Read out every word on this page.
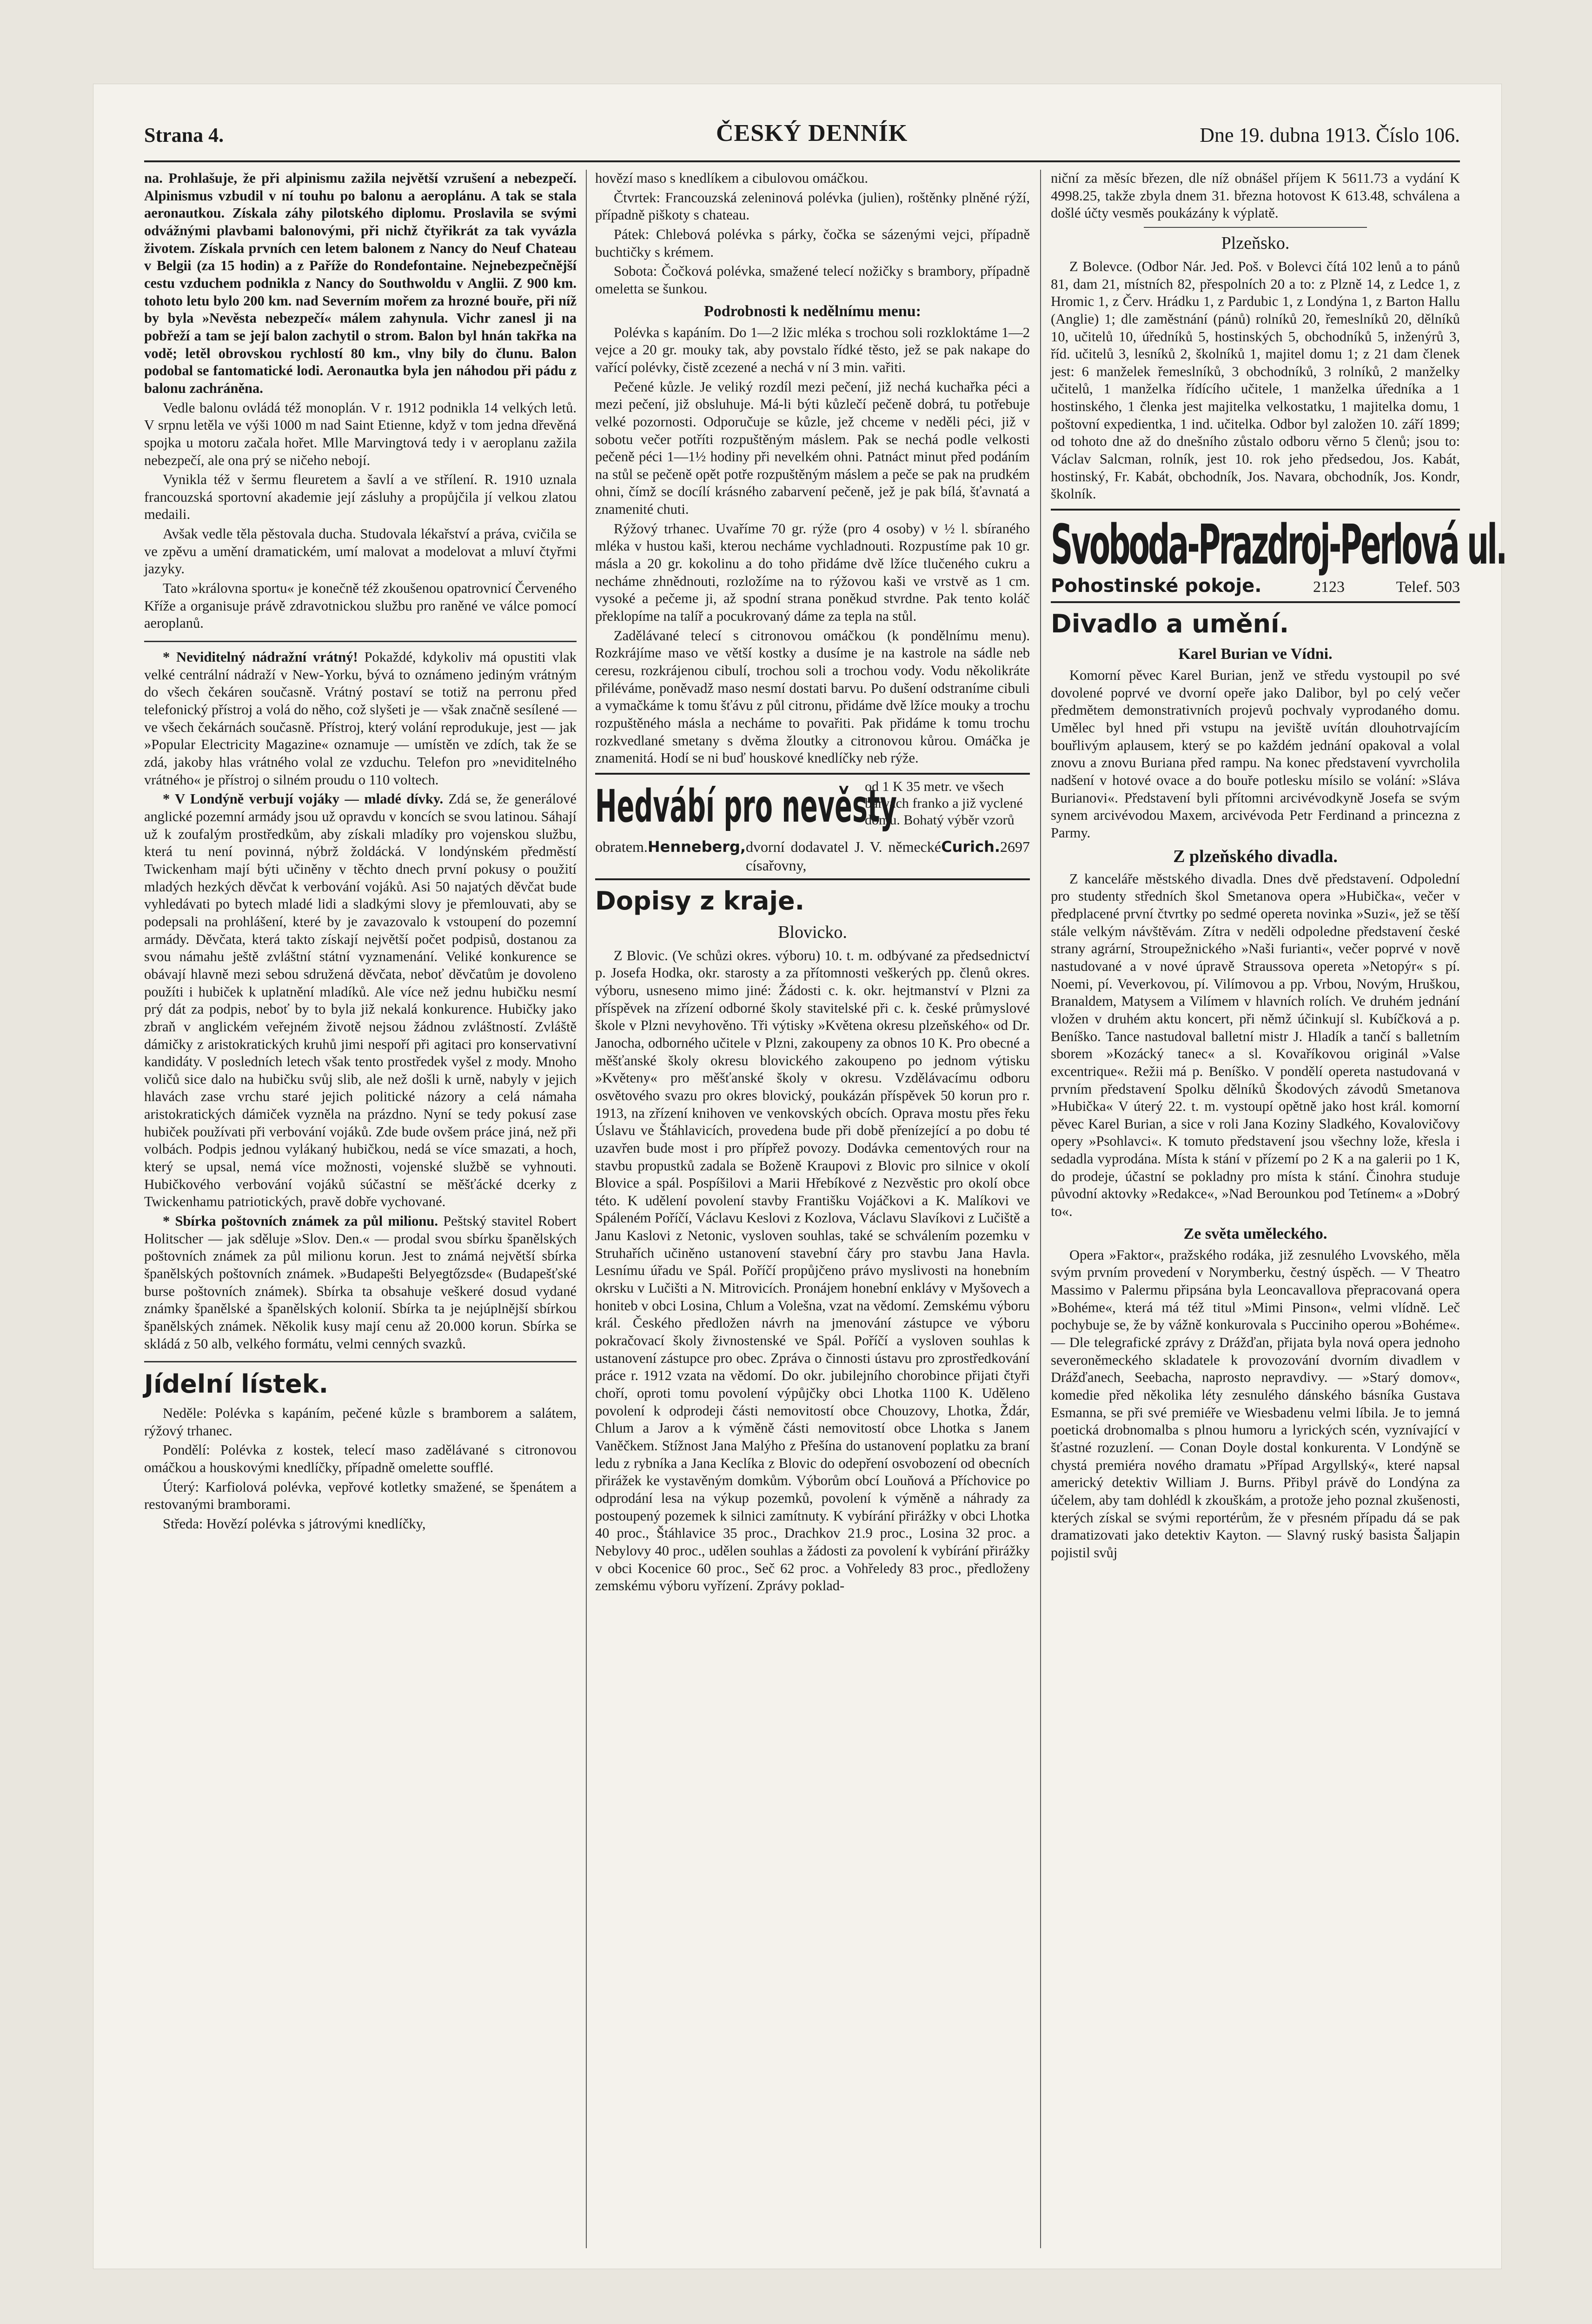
Strana 4.	ČESKÝ DENNÍK	Dne 19. dubna 1913. Číslo 106.

na. Prohlašuje, že při alpinismu zažila největší vzrušení a nebezpečí. Alpinismus vzbudil v ní touhu po balonu a aeroplánu. A tak se stala aeronautkou. Získala záhy pilotského diplomu. Proslavila se svými odvážnými plavbami balonovými, při nichž čtyřikrát za tak vyvázla životem. Získala prvních cen letem balonem z Nancy do Neuf Chateau v Belgii (za 15 hodin) a z Paříže do Rondefontaine. Nejnebezpečnější cestu vzduchem podnikla z Nancy do Southwoldu v Anglii. Z 900 km. tohoto letu bylo 200 km. nad Severním mořem za hrozné bouře, při níž by byla »Nevěsta nebezpečí« málem zahynula. Vichr zanesl ji na pobřeží a tam se její balon zachytil o strom. Balon byl hnán takřka na vodě; letěl obrovskou rychlostí 80 km., vlny bily do člunu. Balon podobal se fantomatické lodi. Aeronautka byla jen náhodou při pádu z balonu zachráněna.

Vedle balonu ovládá též monoplán. V r. 1912 podnikla 14 velkých letů. V srpnu letěla ve výši 1000 m nad Saint Etienne, když v tom jedna dřevěná spojka u motoru začala hořet. Mlle Marvingtová tedy i v aeroplanu zažila nebezpečí, ale ona prý se ničeho nebojí.

Vynikla též v šermu fleuretem a šavlí a ve střílení. R. 1910 uznala francouzská sportovní akademie její zásluhy a propůjčila jí velkou zlatou medaili.

Avšak vedle těla pěstovala ducha. Studovala lékařství a práva, cvičila se ve zpěvu a umění dramatickém, umí malovat a modelovat a mluví čtyřmi jazyky.

Tato »královna sportu« je konečně též zkoušenou opatrovnicí Červeného Kříže a organisuje právě zdravotnickou službu pro raněné ve válce pomocí aeroplanů.

* Neviditelný nádražní vrátný! Pokaždé, kdykoliv má opustiti vlak velké centrální nádraží v New-Yorku, bývá to oznámeno jediným vrátným do všech čekáren současně. Vrátný postaví se totiž na perronu před telefonický přístroj a volá do něho, což slyšeti je — však značně sesílené — ve všech čekárnách současně. Přístroj, který volání reprodukuje, jest — jak »Popular Electricity Magazine« oznamuje — umístěn ve zdích, tak že se zdá, jakoby hlas vrátného volal ze vzduchu. Telefon pro »neviditelného vrátného« je přístroj o silném proudu o 110 voltech.

* V Londýně verbují vojáky — mladé dívky. Zdá se, že generálové anglické pozemní armády jsou už opravdu v koncích se svou latinou. Sáhají už k zoufalým prostředkům, aby získali mladíky pro vojenskou službu, která tu není povinná, nýbrž žoldácká. V londýnském předměstí Twickenham mají býti učiněny v těchto dnech první pokusy o použití mladých hezkých děvčat k verbování vojáků. Asi 50 najatých děvčat bude vyhledávati po bytech mladé lidi a sladkými slovy je přemlouvati, aby se podepsali na prohlášení, které by je zavazovalo k vstoupení do pozemní armády. Děvčata, která takto získají největší počet podpisů, dostanou za svou námahu ještě zvláštní státní vyznamenání. Veliké konkurence se obávají hlavně mezi sebou sdružená děvčata, neboť děvčatům je dovoleno použíti i hubiček k uplatnění mladíků. Ale více než jednu hubičku nesmí prý dát za podpis, neboť by to byla již nekalá konkurence. Hubičky jako zbraň v anglickém veřejném životě nejsou žádnou zvláštností. Zvláště dámičky z aristokratických kruhů jimi nespoří při agitaci pro konservativní kandidáty. V posledních letech však tento prostředek vyšel z mody. Mnoho voličů sice dalo na hubičku svůj slib, ale než došli k urně, nabyly v jejich hlavách zase vrchu staré jejich politické názory a celá námaha aristokratických dámiček vyzněla na prázdno. Nyní se tedy pokusí zase hubiček používati při verbování vojáků. Zde bude ovšem práce jiná, než při volbách. Podpis jednou vylákaný hubičkou, nedá se více smazati, a hoch, který se upsal, nemá více možnosti, vojenské službě se vyhnouti. Hubičkového verbování vojáků súčastní se měšťácké dcerky z Twickenhamu patriotických, pravě dobře vychované.

* Sbírka poštovních známek za půl milionu. Peštský stavitel Robert Holitscher — jak sděluje »Slov. Den.« — prodal svou sbírku španělských poštovních známek za půl milionu korun. Jest to známá největší sbírka španělských poštovních známek. »Budapešti Belyegtőzsde« (Budapešťské burse poštovních známek). Sbírka ta obsahuje veškeré dosud vydané známky španělské a španělských kolonií. Sbírka ta je nejúplnější sbírkou španělských známek. Několik kusy mají cenu až 20.000 korun. Sbírka se skládá z 50 alb, velkého formátu, velmi cenných svazků.

Jídelní lístek.

Neděle: Polévka s kapáním, pečené kůzle s bramborem a salátem, rýžový trhanec.

Pondělí: Polévka z kostek, telecí maso zadělávané s citronovou omáčkou a houskovými knedlíčky, případně omelette soufflé.

Úterý: Karfiolová polévka, vepřové kotletky smažené, se špenátem a restovanými bramborami.

Středa: Hovězí polévka s játrovými knedlíčky,

hovězí maso s knedlíkem a cibulovou omáčkou.

Čtvrtek: Francouzská zeleninová polévka (julien), roštěnky plněné rýží, případně piškoty s chateau.

Pátek: Chlebová polévka s párky, čočka se sázenými vejci, případně buchtičky s krémem.

Sobota: Čočková polévka, smažené telecí nožičky s brambory, případně omeletta se šunkou.

Podrobnosti k nedělnímu menu:

Polévka s kapáním. Do 1—2 lžic mléka s trochou soli rozkloktáme 1—2 vejce a 20 gr. mouky tak, aby povstalo řídké těsto, jež se pak nakape do vařící polévky, čistě zcezené a nechá v ní 3 min. vařiti.

Pečené kůzle. Je veliký rozdíl mezi pečení, již nechá kuchařka péci a mezi pečení, již obsluhuje. Má-li býti kůzlečí pečeně dobrá, tu potřebuje velké pozornosti. Odporučuje se kůzle, jež chceme v neděli péci, již v sobotu večer potříti rozpuštěným máslem. Pak se nechá podle velkosti pečeně péci 1—1½ hodiny při nevelkém ohni. Patnáct minut před podáním na stůl se pečeně opět potře rozpuštěným máslem a peče se pak na prudkém ohni, čímž se docílí krásného zabarvení pečeně, jež je pak bílá, šťavnatá a znamenité chuti.

Rýžový trhanec. Uvaříme 70 gr. rýže (pro 4 osoby) v ½ l. sbíraného mléka v hustou kaši, kterou necháme vychladnouti. Rozpustíme pak 10 gr. másla a 20 gr. kokolinu a do toho přidáme dvě lžíce tlučeného cukru a necháme zhnědnouti, rozložíme na to rýžovou kaši ve vrstvě as 1 cm. vysoké a pečeme ji, až spodní strana poněkud stvrdne. Pak tento koláč překlopíme na talíř a pocukrovaný dáme za tepla na stůl.

Zadělávané telecí s citronovou omáčkou (k pondělnímu menu). Rozkrájíme maso ve větší kostky a dusíme je na kastrole na sádle neb ceresu, rozkrájenou cibulí, trochou soli a trochou vody. Vodu několikráte přiléváme, poněvadž maso nesmí dostati barvu. Po dušení odstraníme cibuli a vymačkáme k tomu šťávu z půl citronu, přidáme dvě lžíce mouky a trochu rozpuštěného másla a necháme to povařiti. Pak přidáme k tomu trochu rozkvedlané smetany s dvěma žloutky a citronovou kůrou. Omáčka je znamenitá. Hodí se ni buď houskové knedlíčky neb rýže.

Hedvábí pro nevěsty
od 1 K 35 metr. ve všech barvách franko a již vyclené domu. Bohatý výběr vzorů
obratem. Henneberg, dvorní dodavatel J. V. německé císařovny,
Curich. 2697
Dopisy z kraje.
Blovicko.

Z Blovic. (Ve schůzi okres. výboru) 10. t. m. odbývané za předsednictví p. Josefa Hodka, okr. starosty a za přítomnosti veškerých pp. členů okres. výboru, usneseno mimo jiné: Žádosti c. k. okr. hejtmanství v Plzni za příspěvek na zřízení odborné školy stavitelské při c. k. české průmyslové škole v Plzni nevyhověno. Tři výtisky »Květena okresu plzeňského« od Dr. Janocha, odborného učitele v Plzni, zakoupeny za obnos 10 K. Pro obecné a měšťanské školy okresu blovického zakoupeno po jednom výtisku »Květeny« pro měšťanské školy v okresu. Vzdělávacímu odboru osvětového svazu pro okres blovický, poukázán příspěvek 50 korun pro r. 1913, na zřízení knihoven ve venkovských obcích. Oprava mostu přes řeku Úslavu ve Štáhlavicích, provedena bude při době přenízející a po dobu té uzavřen bude most i pro přípřež povozy. Dodávka cementových rour na stavbu propustků zadala se Boženě Kraupovi z Blovic pro silnice v okolí Blovice a spál. Pospíšilovi a Marii Hřebíkové z Nezvěstic pro okolí obce této. K udělení povolení stavby Františku Vojáčkovi a K. Malíkovi ve Spáleném Poříčí, Václavu Keslovi z Kozlova, Václavu Slavíkovi z Lučiště a Janu Kaslovi z Netonic, vysloven souhlas, také se schválením pozemku v Struhařích učiněno ustanovení stavební čáry pro stavbu Jana Havla. Lesnímu úřadu ve Spál. Poříčí propůjčeno právo myslivosti na honebním okrsku v Lučišti a N. Mitrovicích. Pronájem honební enklávy v Myšovech a honiteb v obci Losina, Chlum a Volešna, vzat na vědomí. Zemskému výboru král. Českého předložen návrh na jmenování zástupce ve výboru pokračovací školy živnostenské ve Spál. Poříčí a vysloven souhlas k ustanovení zástupce pro obec. Zpráva o činnosti ústavu pro zprostředkování práce r. 1912 vzata na vědomí. Do okr. jubilejního chorobince přijati čtyři choří, oproti tomu povolení výpůjčky obci Lhotka 1100 K. Uděleno povolení k odprodeji části nemovitostí obce Chouzovy, Lhotka, Ždár, Chlum a Jarov a k výměně části nemovitostí obce Lhotka s Janem Vaněčkem. Stížnost Jana Malýho z Přešína do ustanovení poplatku za braní ledu z rybníka a Jana Keclíka z Blovic do odepření osvobození od obecních přirážek ke vystavěným domkům. Výborům obcí Louňová a Příchovice po odprodání lesa na výkup pozemků, povolení k výměně a náhrady za postoupený pozemek k silnici zamítnuty. K vybírání přirážky v obci Lhotka 40 proc., Štáhlavice 35 proc., Drachkov 21.9 proc., Losina 32 proc. a Nebylovy 40 proc., udělen souhlas a žádosti za povolení k vybírání přirážky v obci Kocenice 60 proc., Seč 62 proc. a Vohřeledy 83 proc., předloženy zemskému výboru vyřízení. Zprávy poklad-

niční za měsíc březen, dle níž obnášel příjem K 5611.73 a vydání K 4998.25, takže zbyla dnem 31. března hotovost K 613.48, schválena a došlé účty vesměs poukázány k výplatě.

Plzeňsko.

Z Bolevce. (Odbor Nár. Jed. Poš. v Bolevci čítá 102 lenů a to pánů 81, dam 21, místních 82, přespolních 20 a to: z Plzně 14, z Ledce 1, z Hromic 1, z Červ. Hrádku 1, z Pardubic 1, z Londýna 1, z Barton Hallu (Anglie) 1; dle zaměstnání (pánů) rolníků 20, řemeslníků 20, dělníků 10, učitelů 10, úředníků 5, hostinských 5, obchodníků 5, inženýrů 3, říd. učitelů 3, lesníků 2, školníků 1, majitel domu 1; z 21 dam členek jest: 6 manželek řemeslníků, 3 obchodníků, 3 rolníků, 2 manželky učitelů, 1 manželka řídícího učitele, 1 manželka úředníka a 1 hostinského, 1 členka jest majitelka velkostatku, 1 majitelka domu, 1 poštovní expedientka, 1 ind. učitelka. Odbor byl založen 10. září 1899; od tohoto dne až do dnešního zůstalo odboru věrno 5 členů; jsou to: Václav Salcman, rolník, jest 10. rok jeho předsedou, Jos. Kabát, hostinský, Fr. Kabát, obchodník, Jos. Navara, obchodník, Jos. Kondr, školník.

Svoboda-Prazdroj-Perlová ul.
Pohostinské pokoje.	2123	Telef. 503
Divadlo a umění.
Karel Burian ve Vídni.

Komorní pěvec Karel Burian, jenž ve středu vystoupil po své dovolené poprvé ve dvorní opeře jako Dalibor, byl po celý večer předmětem demonstrativních projevů pochvaly vyprodaného domu. Umělec byl hned při vstupu na jeviště uvítán dlouhotrvajícím bouřlivým aplausem, který se po každém jednání opakoval a volal znovu a znovu Buriana před rampu. Na konec představení vyvrcholila nadšení v hotové ovace a do bouře potlesku mísilo se volání: »Sláva Burianovi«. Představení byli přítomni arcivévodkyně Josefa se svým synem arcivévodou Maxem, arcivévoda Petr Ferdinand a princezna z Parmy.

Z plzeňského divadla.

Z kanceláře městského divadla. Dnes dvě představení. Odpolední pro studenty středních škol Smetanova opera »Hubička«, večer v předplacené první čtvrtky po sedmé opereta novinka »Suzi«, jež se těší stále velkým návštěvám. Zítra v neděli odpoledne představení české strany agrární, Stroupežnického »Naši furianti«, večer poprvé v nově nastudované a v nové úpravě Straussova opereta »Netopýr« s pí. Noemi, pí. Veverkovou, pí. Vilímovou a pp. Vrbou, Novým, Hruškou, Branaldem, Matysem a Vilímem v hlavních rolích. Ve druhém jednání vložen v druhém aktu koncert, při němž účinkují sl. Kubíčková a p. Beníško. Tance nastudoval balletní mistr J. Hladík a tančí s balletním sborem »Kozácký tanec« a sl. Kovaříkovou originál »Valse excentrique«. Režii má p. Beníško. V pondělí opereta nastudovaná v prvním představení Spolku dělníků Škodových závodů Smetanova »Hubička« V úterý 22. t. m. vystoupí opětně jako host král. komorní pěvec Karel Burian, a sice v roli Jana Koziny Sladkého, Kovalovičovy opery »Psohlavci«. K tomuto představení jsou všechny lože, křesla i sedadla vyprodána. Místa k stání v přízemí po 2 K a na galerii po 1 K, do prodeje, účastní se pokladny pro místa k stání. Činohra studuje původní aktovky »Redakce«, »Nad Berounkou pod Tetínem« a »Dobrý to«.

Ze světa uměleckého.

Opera »Faktor«, pražského rodáka, již zesnulého Lvovského, měla svým prvním provedení v Norymberku, čestný úspěch. — V Theatro Massimo v Palermu připsána byla Leoncavallova přepracovaná opera »Bohéme«, která má též titul »Mimi Pinson«, velmi vlídně. Leč pochybuje se, že by vážně konkurovala s Pucciniho operou »Bohéme«. — Dle telegrafické zprávy z Drážďan, přijata byla nová opera jednoho severoněmeckého skladatele k provozování dvorním divadlem v Drážďanech, Seebacha, naprosto nepravdivy. — »Starý domov«, komedie před několika léty zesnulého dánského básníka Gustava Esmanna, se při své premiéře ve Wiesbadenu velmi líbila. Je to jemná poetická drobnomalba s plnou humoru a lyrických scén, vyznívající v šťastné rozuzlení. — Conan Doyle dostal konkurenta. V Londýně se chystá premiéra nového dramatu »Případ Argyllský«, které napsal americký detektiv William J. Burns. Přibyl právě do Londýna za účelem, aby tam dohlédl k zkouškám, a protože jeho poznal zkušenosti, kterých získal se svými reportérům, že v přesném případu dá se pak dramatizovati jako detektiv Kayton. — Slavný ruský basista Šaljapin pojistil svůj
